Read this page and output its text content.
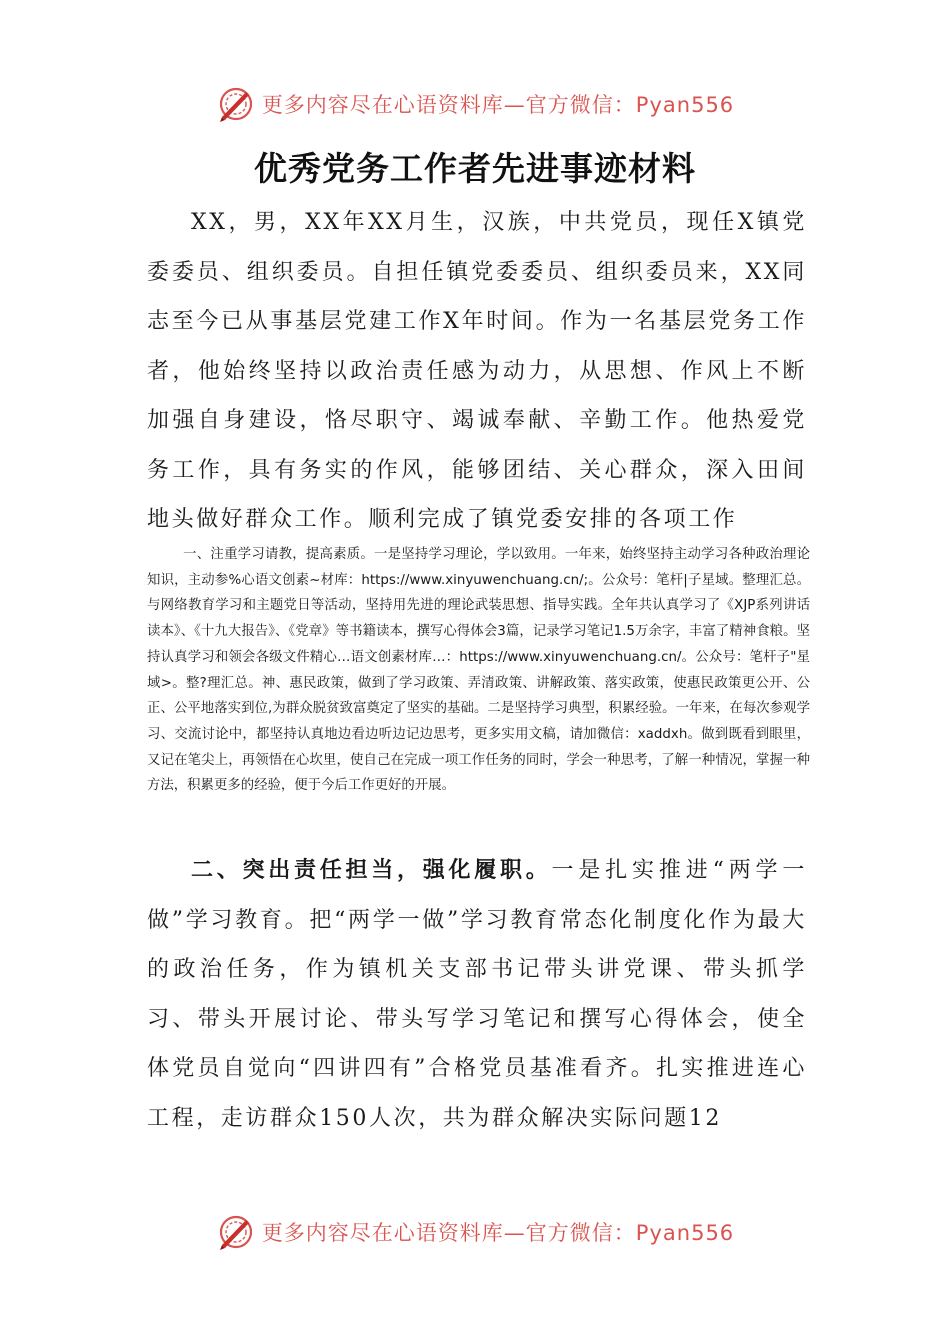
更多内容尽在心语资料库—官方微信：Pyan556
优秀党务工作者先进事迹材料

XX，男，XX年XX月生，汉族，中共党员，现任X镇党委委员、组织委员。自担任镇党委委员、组织委员来，XX同志至今已从事基层党建工作X年时间。作为一名基层党务工作者，他始终坚持以政治责任感为动力，从思想、作风上不断加强自身建设，恪尽职守、竭诚奉献、辛勤工作。他热爱党务工作，具有务实的作风，能够团结、关心群众，深入田间地头做好群众工作。顺利完成了镇党委安排的各项工作

一、注重学习请教，提高素质。一是坚持学习理论，学以致用。一年来，始终坚持主动学习各种政治理论知识，主动参%心语文创素~材库：https://www.xinyuwenchuang.cn/;。公众号：笔杆|子星域。整理汇总。与网络教育学习和主题党日等活动，坚持用先进的理论武装思想、指导实践。全年共认真学习了《XJP系列讲话读本》、《十九大报告》、《党章》等书籍读本，撰写心得体会3篇，记录学习笔记1.5万余字，丰富了精神食粮。坚持认真学习和领会各级文件精心…语文创素材库…：https://www.xinyuwenchuang.cn/。公众号：笔杆子"星域>。整?理汇总。神、惠民政策，做到了学习政策、弄清政策、讲解政策、落实政策，使惠民政策更公开、公正、公平地落实到位,为群众脱贫致富奠定了坚实的基础。二是坚持学习典型，积累经验。一年来，在每次参观学习、交流讨论中，都坚持认真地边看边听边记边思考，更多实用文稿，请加微信：xaddxh。做到既看到眼里，又记在笔尖上，再领悟在心坎里，使自己在完成一项工作任务的同时，学会一种思考，了解一种情况，掌握一种方法，积累更多的经验，便于今后工作更好的开展。

二、突出责任担当，强化履职。一是扎实推进“两学一做”学习教育。把“两学一做”学习教育常态化制度化作为最大的政治任务，作为镇机关支部书记带头讲党课、带头抓学习、带头开展讨论、带头写学习笔记和撰写心得体会，使全体党员自觉向“四讲四有”合格党员基准看齐。扎实推进连心工程，走访群众150人次，共为群众解决实际问题12

更多内容尽在心语资料库—官方微信：Pyan556
